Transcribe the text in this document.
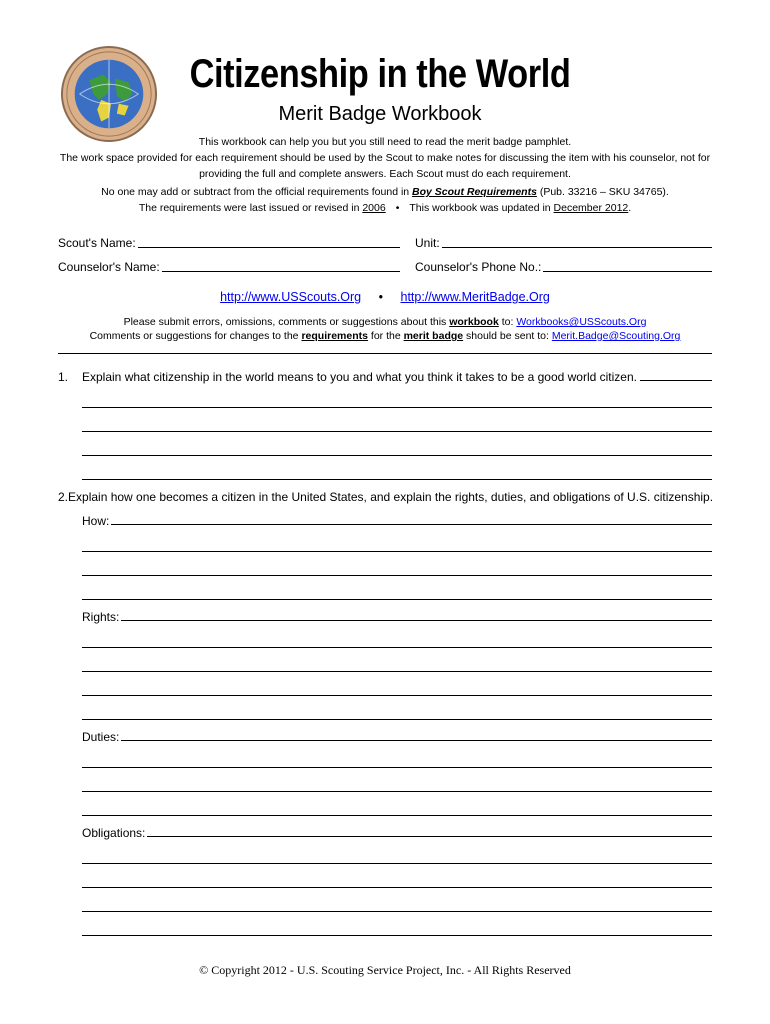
Citizenship in the World
Merit Badge Workbook

This workbook can help you but you still need to read the merit badge pamphlet.

The work space provided for each requirement should be used by the Scout to make notes for discussing the item with his counselor, not for providing the full and complete answers. Each Scout must do each requirement.

No one may add or subtract from the official requirements found in Boy Scout Requirements (Pub. 33216 – SKU 34765).

The requirements were last issued or revised in 2006 • This workbook was updated in December 2012.

Scout's Name:	Unit:
Counselor's Name:	Counselor's Phone No.:
http://www.USScouts.Org • http://www.MeritBadge.Org

Please submit errors, omissions, comments or suggestions about this workbook to: Workbooks@USScouts.Org

Comments or suggestions for changes to the requirements for the merit badge should be sent to: Merit.Badge@Scouting.Org

1.	Explain what citizenship in the world means to you and what you think it takes to be a good world citizen.
2. Explain how one becomes a citizen in the United States, and explain the rights, duties, and obligations of U.S. citizenship.
How:
Rights:
Duties:
Obligations:
© Copyright 2012 - U.S. Scouting Service Project, Inc. - All Rights Reserved
